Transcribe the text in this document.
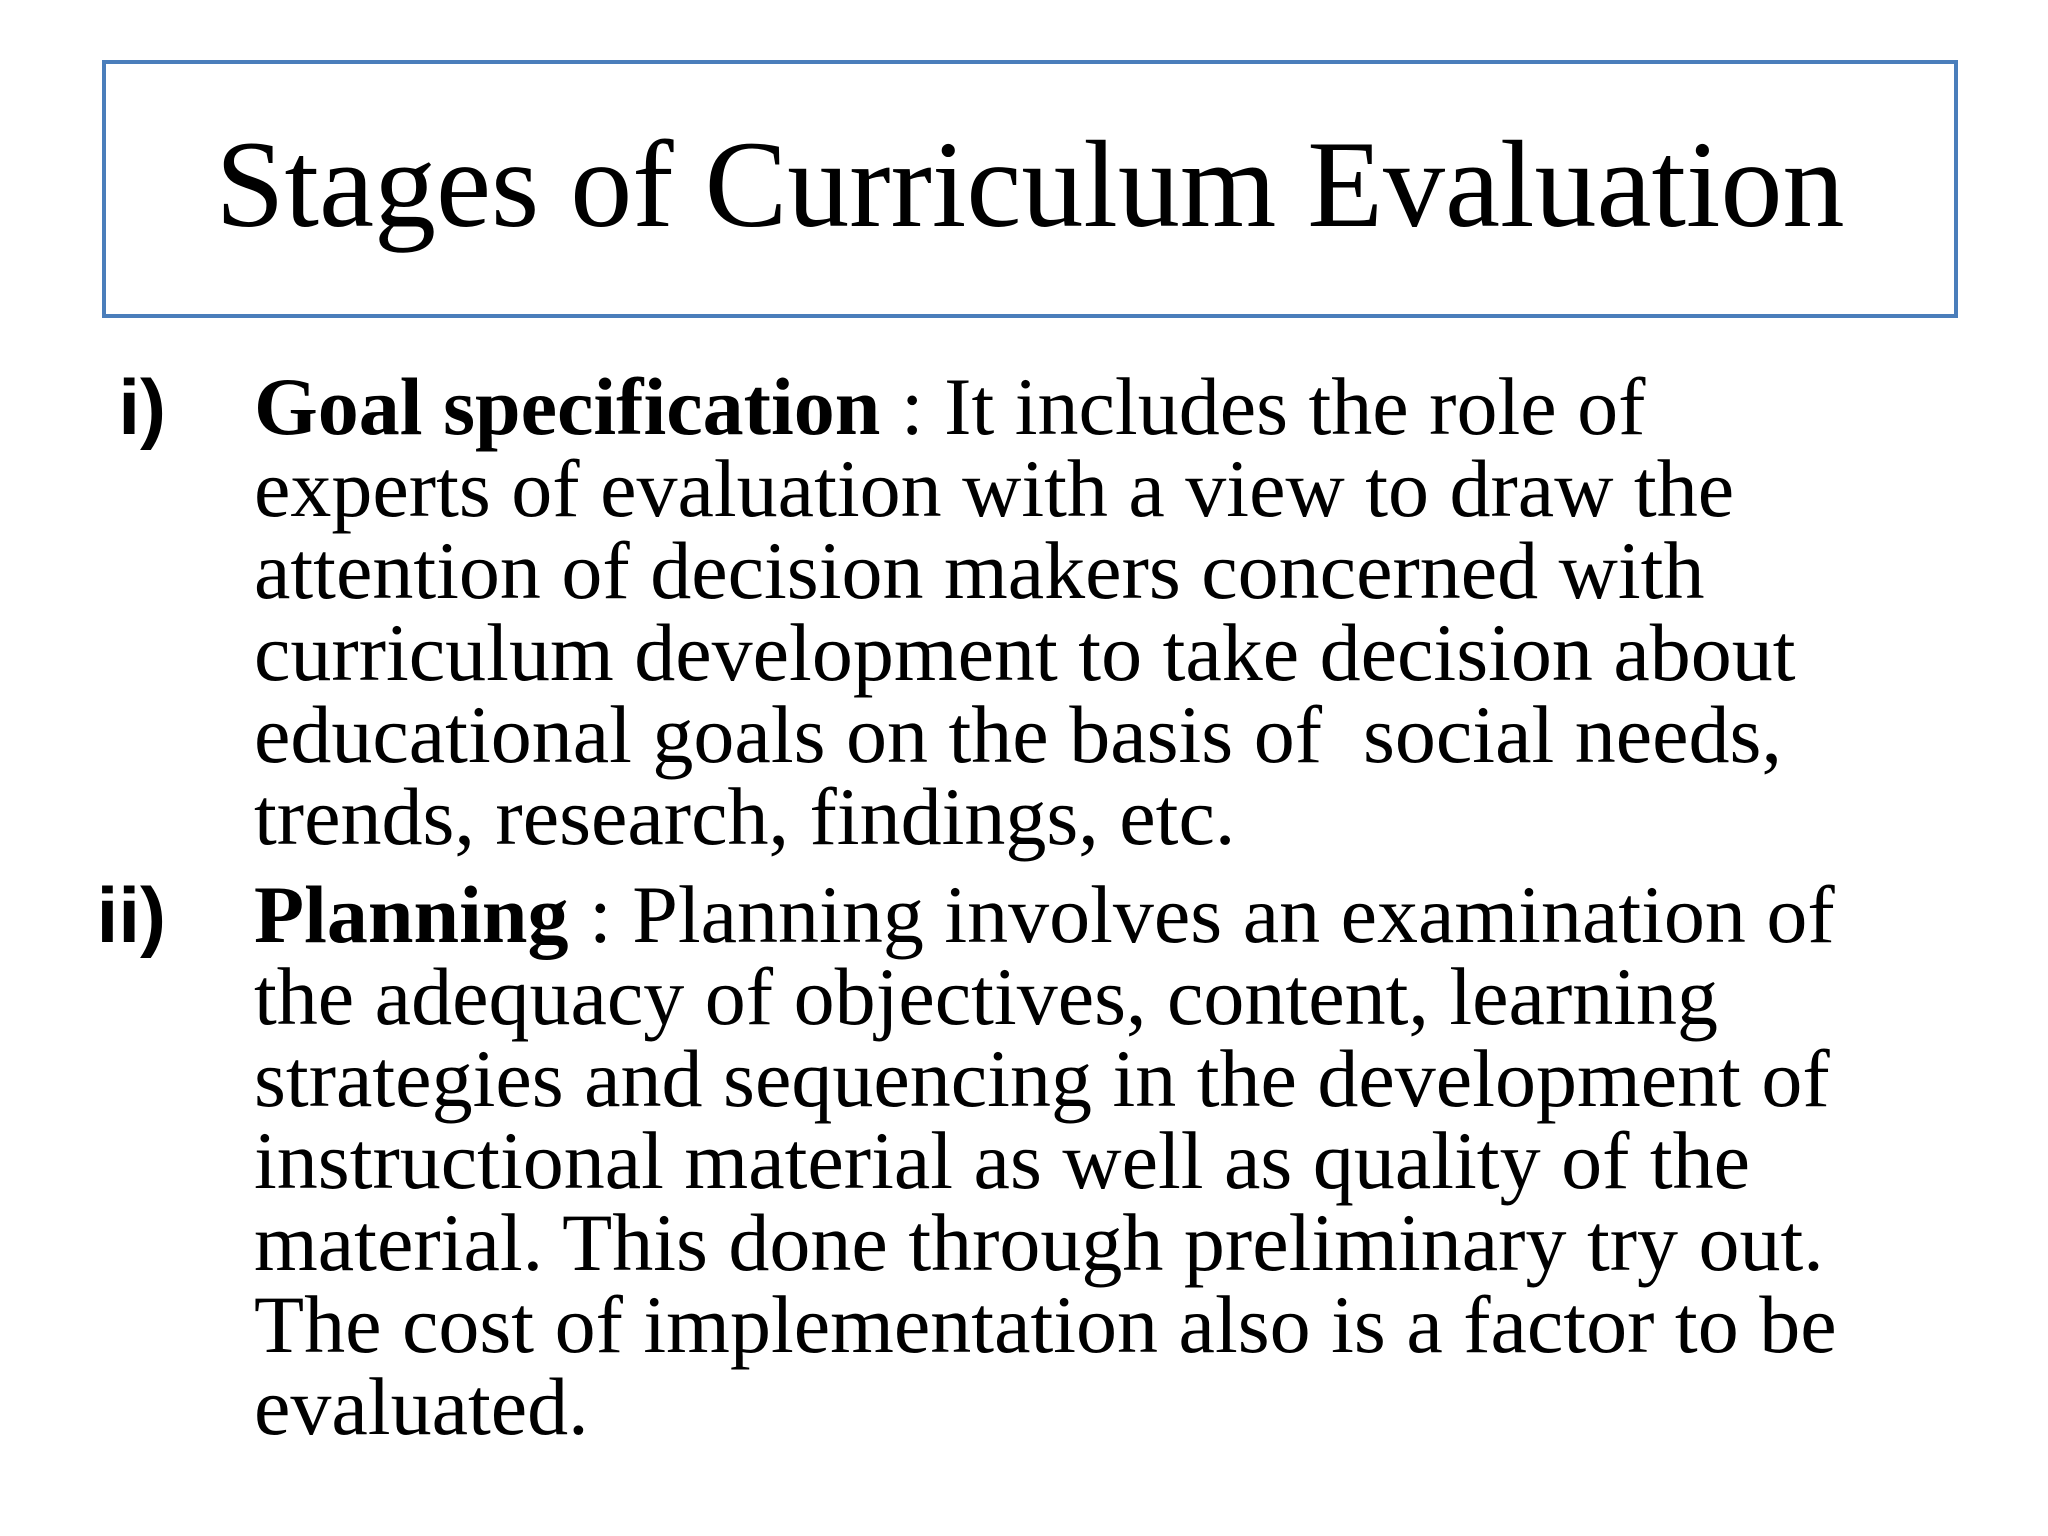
Stages of Curriculum Evaluation
i) Goal specification : It includes the role of
experts of evaluation with a view to draw the
attention of decision makers concerned with
curriculum development to take decision about
educational goals on the basis of  social needs,
trends, research, findings, etc.

ii) Planning : Planning involves an examination of
the adequacy of objectives, content, learning
strategies and sequencing in the development of
instructional material as well as quality of the
material. This done through preliminary try out.
The cost of implementation also is a factor to be
evaluated.
